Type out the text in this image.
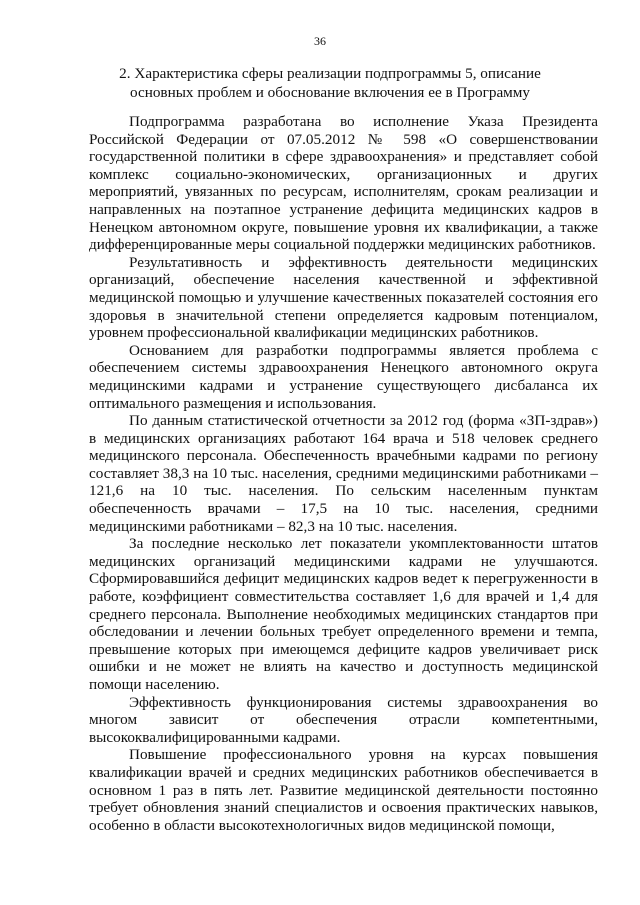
36
2. Характеристика сферы реализации подпрограммы 5, описание основных проблем и обоснование включения ее в Программу

Подпрограмма разработана во исполнение Указа Президента Российской Федерации от 07.05.2012 № 598 «О совершенствовании государственной политики в сфере здравоохранения» и представляет собой комплекс социально-экономических, организационных и других мероприятий, увязанных по ресурсам, исполнителям, срокам реализации и направленных на поэтапное устранение дефицита медицинских кадров в Ненецком автономном округе, повышение уровня их квалификации, а также дифференцированные меры социальной поддержки медицинских работников.

Результативность и эффективность деятельности медицинских организаций, обеспечение населения качественной и эффективной медицинской помощью и улучшение качественных показателей состояния его здоровья в значительной степени определяется кадровым потенциалом, уровнем профессиональной квалификации медицинских работников.

Основанием для разработки подпрограммы является проблема с обеспечением системы здравоохранения Ненецкого автономного округа медицинскими кадрами и устранение существующего дисбаланса их оптимального размещения и использования.

По данным статистической отчетности за 2012 год (форма «ЗП-здрав») в медицинских организациях работают 164 врача и 518 человек среднего медицинского персонала. Обеспеченность врачебными кадрами по региону составляет 38,3 на 10 тыс. населения, средними медицинскими работниками – 121,6 на 10 тыс. населения. По сельским населенным пунктам обеспеченность врачами – 17,5 на 10 тыс. населения, средними медицинскими работниками – 82,3 на 10 тыс. населения.

За последние несколько лет показатели укомплектованности штатов медицинских организаций медицинскими кадрами не улучшаются. Сформировавшийся дефицит медицинских кадров ведет к перегруженности в работе, коэффициент совместительства составляет 1,6 для врачей и 1,4 для среднего персонала. Выполнение необходимых медицинских стандартов при обследовании и лечении больных требует определенного времени и темпа, превышение которых при имеющемся дефиците кадров увеличивает риск ошибки и не может не влиять на качество и доступность медицинской помощи населению.

Эффективность функционирования системы здравоохранения во многом зависит от обеспечения отрасли компетентными, высококвалифицированными кадрами.

Повышение профессионального уровня на курсах повышения квалификации врачей и средних медицинских работников обеспечивается в основном 1 раз в пять лет. Развитие медицинской деятельности постоянно требует обновления знаний специалистов и освоения практических навыков, особенно в области высокотехнологичных видов медицинской помощи,
